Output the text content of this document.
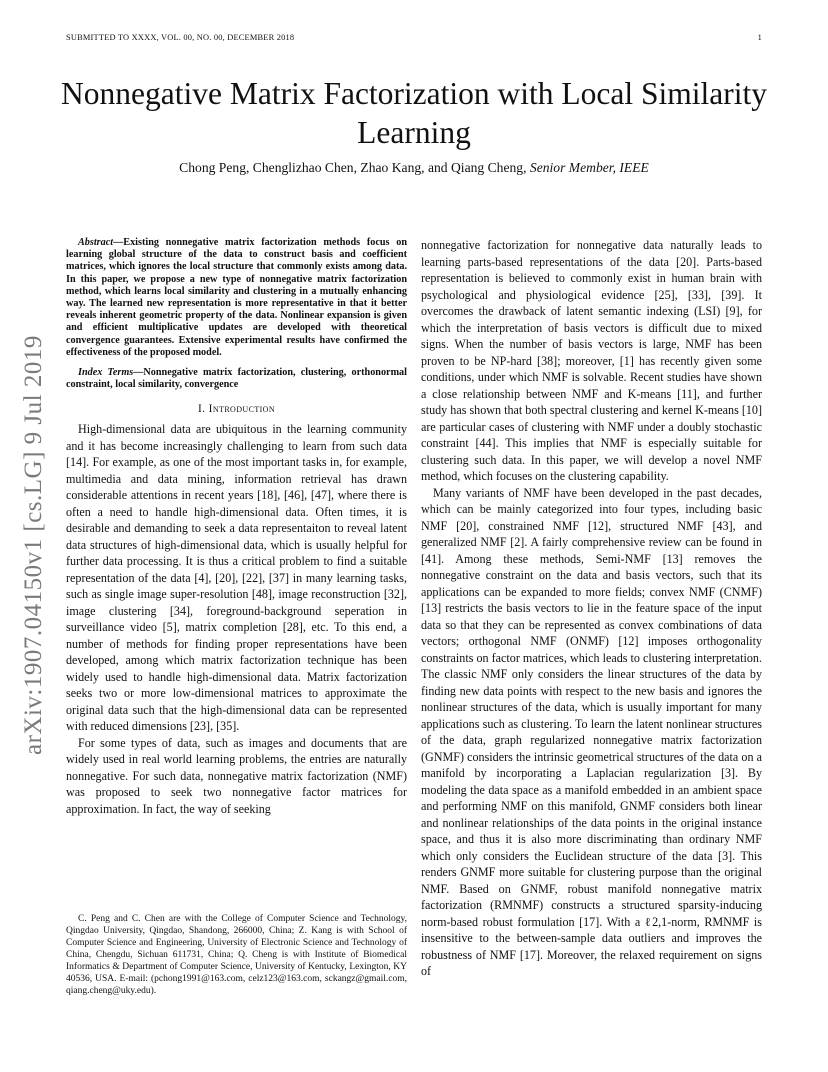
SUBMITTED TO XXXX, VOL. 00, NO. 00, DECEMBER 2018	1
Nonnegative Matrix Factorization with Local Similarity Learning
Chong Peng, Chenglizhao Chen, Zhao Kang, and Qiang Cheng, Senior Member, IEEE
arXiv:1907.04150v1 [cs.LG] 9 Jul 2019

Abstract—Existing nonnegative matrix factorization methods focus on learning global structure of the data to construct basis and coefficient matrices, which ignores the local structure that commonly exists among data. In this paper, we propose a new type of nonnegative matrix factorization method, which learns local similarity and clustering in a mutually enhancing way. The learned new representation is more representative in that it better reveals inherent geometric property of the data. Nonlinear expansion is given and efficient multiplicative updates are developed with theoretical convergence guarantees. Extensive experimental results have confirmed the effectiveness of the proposed model.

Index Terms—Nonnegative matrix factorization, clustering, orthonormal constraint, local similarity, convergence

I. Introduction

High-dimensional data are ubiquitous in the learning community and it has become increasingly challenging to learn from such data [14]. For example, as one of the most important tasks in, for example, multimedia and data mining, information retrieval has drawn considerable attentions in recent years [18], [46], [47], where there is often a need to handle high-dimensional data. Often times, it is desirable and demanding to seek a data representaiton to reveal latent data structures of high-dimensional data, which is usually helpful for further data processing. It is thus a critical problem to find a suitable representation of the data [4], [20], [22], [37] in many learning tasks, such as single image super-resolution [48], image reconstruction [32], image clustering [34], foreground-background seperation in surveillance video [5], matrix completion [28], etc. To this end, a number of methods for finding proper representations have been developed, among which matrix factorization technique has been widely used to handle high-dimensional data. Matrix factorization seeks two or more low-dimensional matrices to approximate the original data such that the high-dimensional data can be represented with reduced dimensions [23], [35].

For some types of data, such as images and documents that are widely used in real world learning problems, the entries are naturally nonnegative. For such data, nonnegative matrix factorization (NMF) was proposed to seek two nonnegative factor matrices for approximation. In fact, the way of seeking

C. Peng and C. Chen are with the College of Computer Science and Technology, Qingdao University, Qingdao, Shandong, 266000, China; Z. Kang is with School of Computer Science and Engineering, University of Electronic Science and Technology of China, Chengdu, Sichuan 611731, China; Q. Cheng is with Institute of Biomedical Informatics & Department of Computer Science, University of Kentucky, Lexington, KY 40536, USA. E-mail: (pchong1991@163.com, celz123@163.com, sckangz@gmail.com, qiang.cheng@uky.edu).

nonnegative factorization for nonnegative data naturally leads to learning parts-based representations of the data [20]. Parts-based representation is believed to commonly exist in human brain with psychological and physiological evidence [25], [33], [39]. It overcomes the drawback of latent semantic indexing (LSI) [9], for which the interpretation of basis vectors is difficult due to mixed signs. When the number of basis vectors is large, NMF has been proven to be NP-hard [38]; moreover, [1] has recently given some conditions, under which NMF is solvable. Recent studies have shown a close relationship between NMF and K-means [11], and further study has shown that both spectral clustering and kernel K-means [10] are particular cases of clustering with NMF under a doubly stochastic constraint [44]. This implies that NMF is especially suitable for clustering such data. In this paper, we will develop a novel NMF method, which focuses on the clustering capability.

Many variants of NMF have been developed in the past decades, which can be mainly categorized into four types, including basic NMF [20], constrained NMF [12], structured NMF [43], and generalized NMF [2]. A fairly comprehensive review can be found in [41]. Among these methods, Semi-NMF [13] removes the nonnegative constraint on the data and basis vectors, such that its applications can be expanded to more fields; convex NMF (CNMF) [13] restricts the basis vectors to lie in the feature space of the input data so that they can be represented as convex combinations of data vectors; orthogonal NMF (ONMF) [12] imposes orthogonality constraints on factor matrices, which leads to clustering interpretation. The classic NMF only considers the linear structures of the data by finding new data points with respect to the new basis and ignores the nonlinear structures of the data, which is usually important for many applications such as clustering. To learn the latent nonlinear structures of the data, graph regularized nonnegative matrix factorization (GNMF) considers the intrinsic geometrical structures of the data on a manifold by incorporating a Laplacian regularization [3]. By modeling the data space as a manifold embedded in an ambient space and performing NMF on this manifold, GNMF considers both linear and nonlinear relationships of the data points in the original instance space, and thus it is also more discriminating than ordinary NMF which only considers the Euclidean structure of the data [3]. This renders GNMF more suitable for clustering purpose than the original NMF. Based on GNMF, robust manifold nonnegative matrix factorization (RMNMF) constructs a structured sparsity-inducing norm-based robust formulation [17]. With a ℓ2,1-norm, RMNMF is insensitive to the between-sample data outliers and improves the robustness of NMF [17]. Moreover, the relaxed requirement on signs of
